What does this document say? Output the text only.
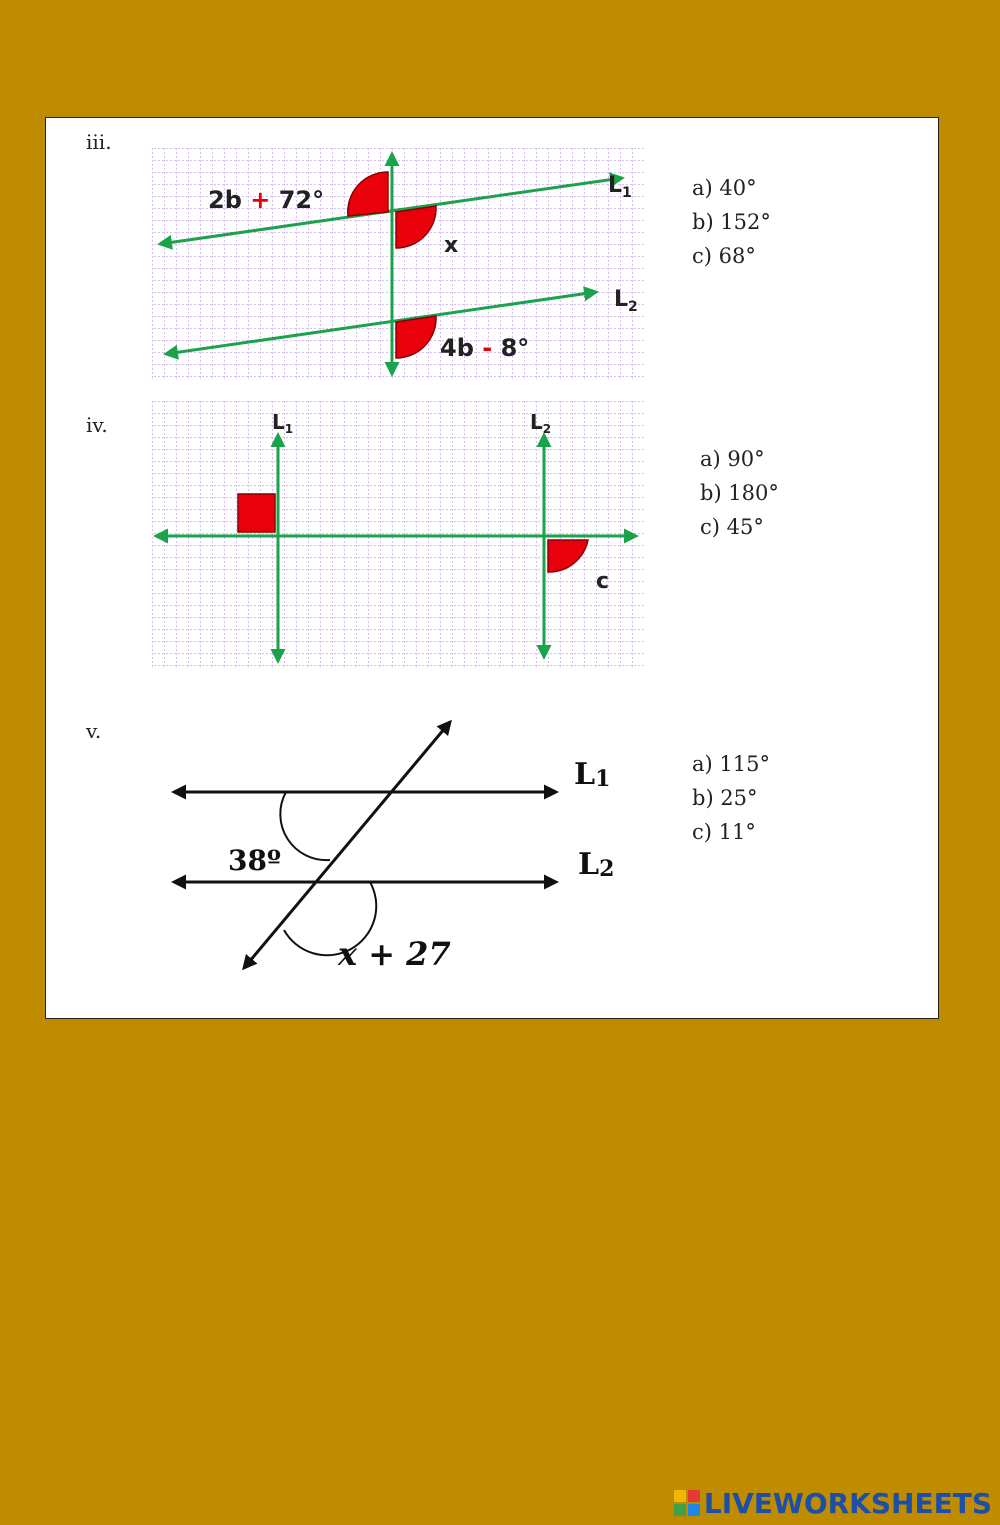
iii.
2b + 72°
x
4b - 8°
$L_1$
$L_2$
a) 40°
b) 152°
c) 68°
iv.	$L_1$	$L_2$
c
a) 90°
b) 180°
c) 45°
v.
38º
x + 27
L1
L2
a) 115°
b) 25°
c) 11°
LIVEWORKSHEETS
